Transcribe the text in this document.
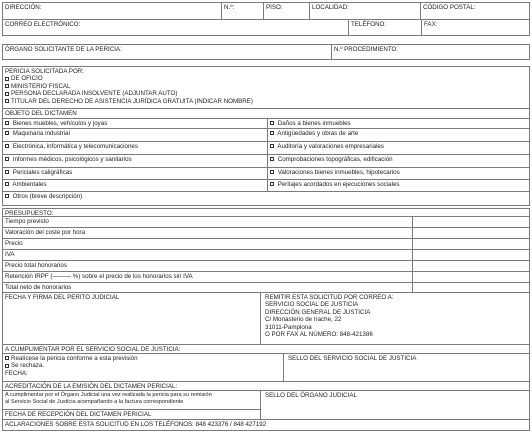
DIRECCIÓN:	N.º:	PISO:	LOCALIDAD:	CÓDIGO POSTAL:
CORREO ELECTRÓNICO:	TELÉFONO:	FAX:
ÓRGANO SOLICITANTE DE LA PERICIA:	N.º PROCEDIMIENTO:
PERICIA SOLICITADA POR:
DE OFICIO
MINISTERIO FISCAL
PERSONA DECLARADA INSOLVENTE (ADJUNTAR AUTO)
TITULAR DEL DERECHO DE ASISTENCIA JURÍDICA GRATUITA (INDICAR NOMBRE)
OBJETO DEL DICTAMEN
Bienes muebles, vehículos y joyas	Daños a bienes inmuebles
Maquinaria industrial	Antigüedades y obras de arte
Electrónica, informática y telecomunicaciones	Auditoría y valoraciones empresariales
Informes médicos, psicológicos y sanitarios	Comprobaciones topográficas, edificación
Periciales caligráficas	Valoraciones bienes inmuebles, hipotecarios
Ambientales	Peritajes acordados en ejecuciones sociales
Otros (breve descripción)
PRESUPUESTO:
Tiempo previsto
Valoración del coste por hora
Precio
IVA
Precio total honorarios
Retención IRPF (——— %) sobre el precio de los honorarios sin IVA
Total neto de honorarios
FECHA Y FIRMA DEL PERITO JUDICIAL	REMITIR ESTA SOLICITUD POR CORREO A:
SERVICIO SOCIAL DE JUSTICIA
DIRECCIÓN GENERAL DE JUSTICIA
C/ Monasterio de Irache, 22
31011-Pamplona
O POR FAX AL NÚMERO: 848-421386
A CUMPLIMENTAR POR EL SERVICIO SOCIAL DE JUSTICIA:
Realícese la pericia conforme a esta previsión
Se rechaza.
FECHA:
SELLO DEL SERVICIO SOCIAL DE JUSTICIA
ACREDITACIÓN DE LA EMISIÓN DEL DICTAMEN PERICIAL:
A cumplimentar por el Órgano Judicial una vez realizada la pericia para su remisión
al Servicio Social de Justicia acompañando a la factura correspondiente
SELLO DEL ÓRGANO JUDICIAL
FECHA DE RECEPCIÓN DEL DICTAMEN PERICIAL
ACLARACIONES SOBRE ESTA SOLICITUD EN LOS TELÉFONOS: 848 423376 / 848 427192
